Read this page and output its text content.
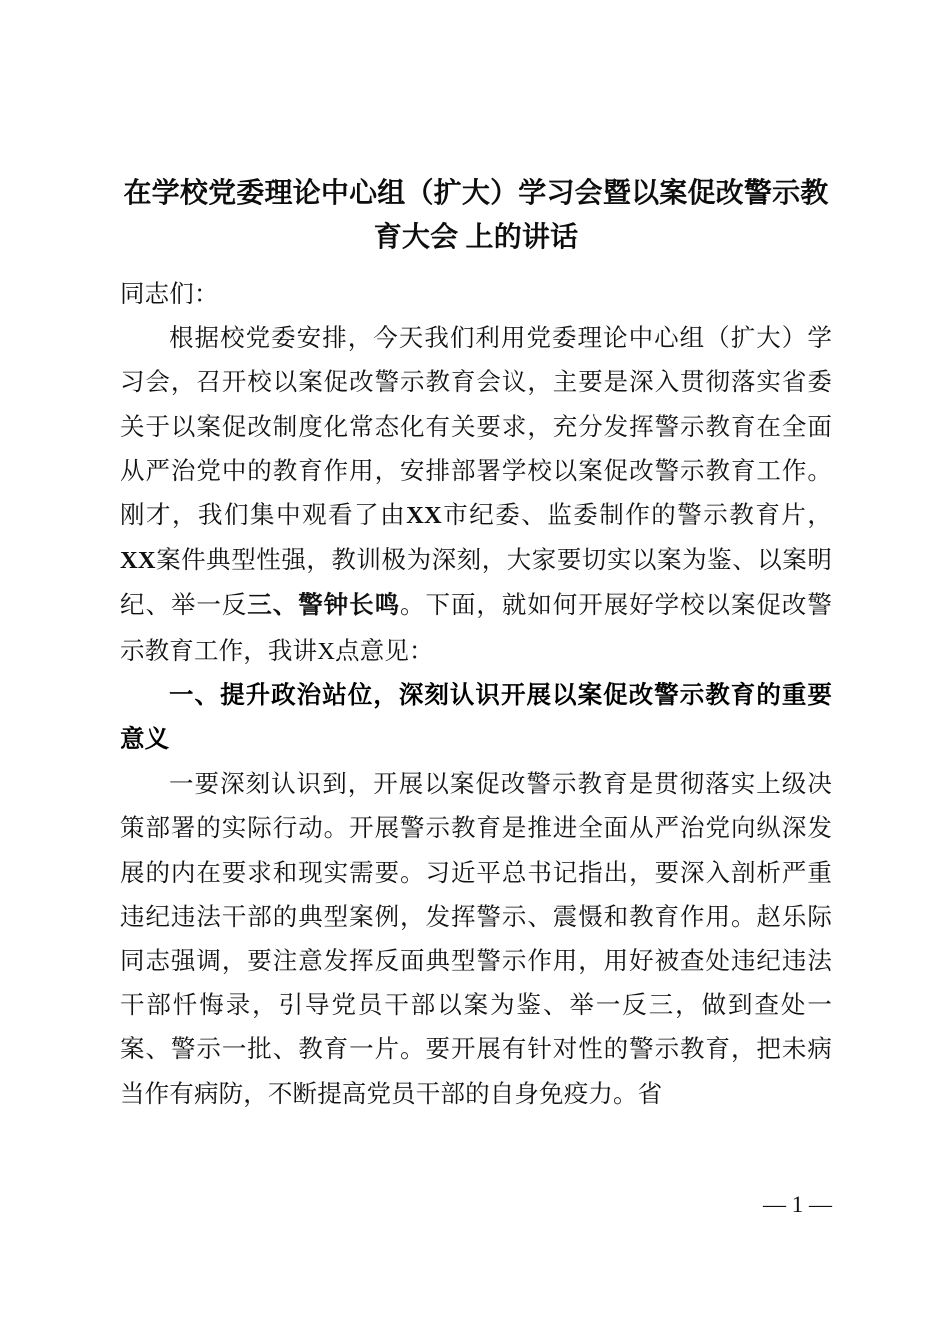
在学校党委理论中心组（扩大）学习会暨以案促改警示教育大会 上的讲话

同志们：

根据校党委安排，今天我们利用党委理论中心组（扩大）学习会，召开校以案促改警示教育会议，主要是深入贯彻落实省委关于以案促改制度化常态化有关要求，充分发挥警示教育在全面从严治党中的教育作用，安排部署学校以案促改警示教育工作。刚才，我们集中观看了由XX市纪委、监委制作的警示教育片，XX案件典型性强，教训极为深刻，大家要切实以案为鉴、以案明纪、举一反三、警钟长鸣。下面，就如何开展好学校以案促改警示教育工作，我讲X点意见：

一、提升政治站位，深刻认识开展以案促改警示教育的重要意义

一要深刻认识到，开展以案促改警示教育是贯彻落实上级决策部署的实际行动。开展警示教育是推进全面从严治党向纵深发展的内在要求和现实需要。习近平总书记指出，要深入剖析严重违纪违法干部的典型案例，发挥警示、震慑和教育作用。赵乐际同志强调，要注意发挥反面典型警示作用，用好被查处违纪违法干部忏悔录，引导党员干部以案为鉴、举一反三，做到查处一案、警示一批、教育一片。要开展有针对性的警示教育，把未病当作有病防，不断提高党员干部的自身免疫力。省

— 1 —
